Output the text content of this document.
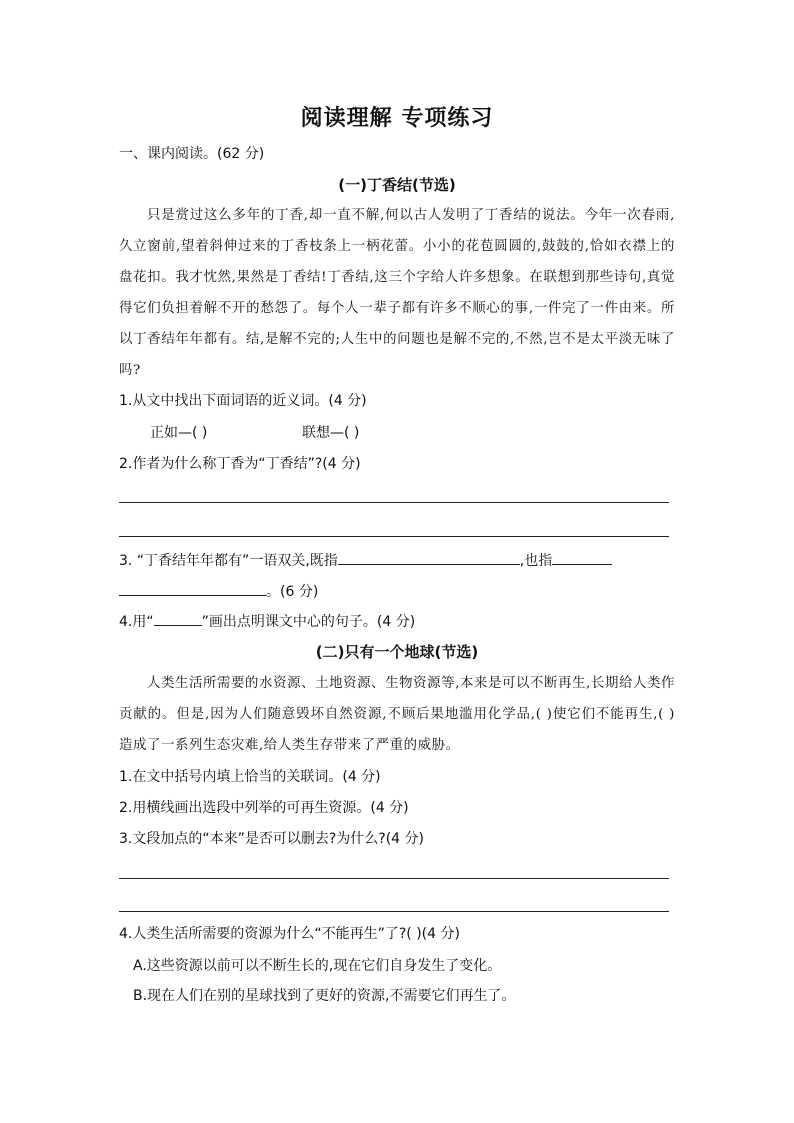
阅读理解 专项练习
一、课内阅读。(62 分)
(一)丁香结(节选)
只是赏过这么多年的丁香,却一直不解,何以古人发明了丁香结的说法。今年一次春雨,久立窗前,望着斜伸过来的丁香枝条上一柄花蕾。小小的花苞圆圆的,鼓鼓的,恰如衣襟上的盘花扣。我才忱然,果然是丁香结!丁香结,这三个字给人许多想象。在联想到那些诗句,真觉得它们负担着解不开的愁怨了。每个人一辈子都有许多不顺心的事,一件完了一件由来。所以丁香结年年都有。结,是解不完的;人生中的问题也是解不完的,不然,岂不是太平淡无味了吗?
1.从文中找出下面词语的近义词。(4 分)
正如—( )	联想—( )
2.作者为什么称丁香为“丁香结”?(4 分)
3. “丁香结年年都有”一语双关,既指	,也指
。(6 分)
4.用“	”画出点明课文中心的句子。(4 分)
(二)只有一个地球(节选)
人类生活所需要的水资源、土地资源、生物资源等,本来是可以不断再生,长期给人类作贡献的。但是,因为人们随意毁坏自然资源,不顾后果地滥用化学品,( )使它们不能再生,( )造成了一系列生态灾难,给人类生存带来了严重的威胁。
1.在文中括号内填上恰当的关联词。(4 分)
2.用横线画出选段中列举的可再生资源。(4 分)
3.文段加点的“本来”是否可以删去?为什么?(4 分)
4.人类生活所需要的资源为什么“不能再生”了?( )(4 分)
A.这些资源以前可以不断生长的,现在它们自身发生了变化。
B.现在人们在别的星球找到了更好的资源,不需要它们再生了。
